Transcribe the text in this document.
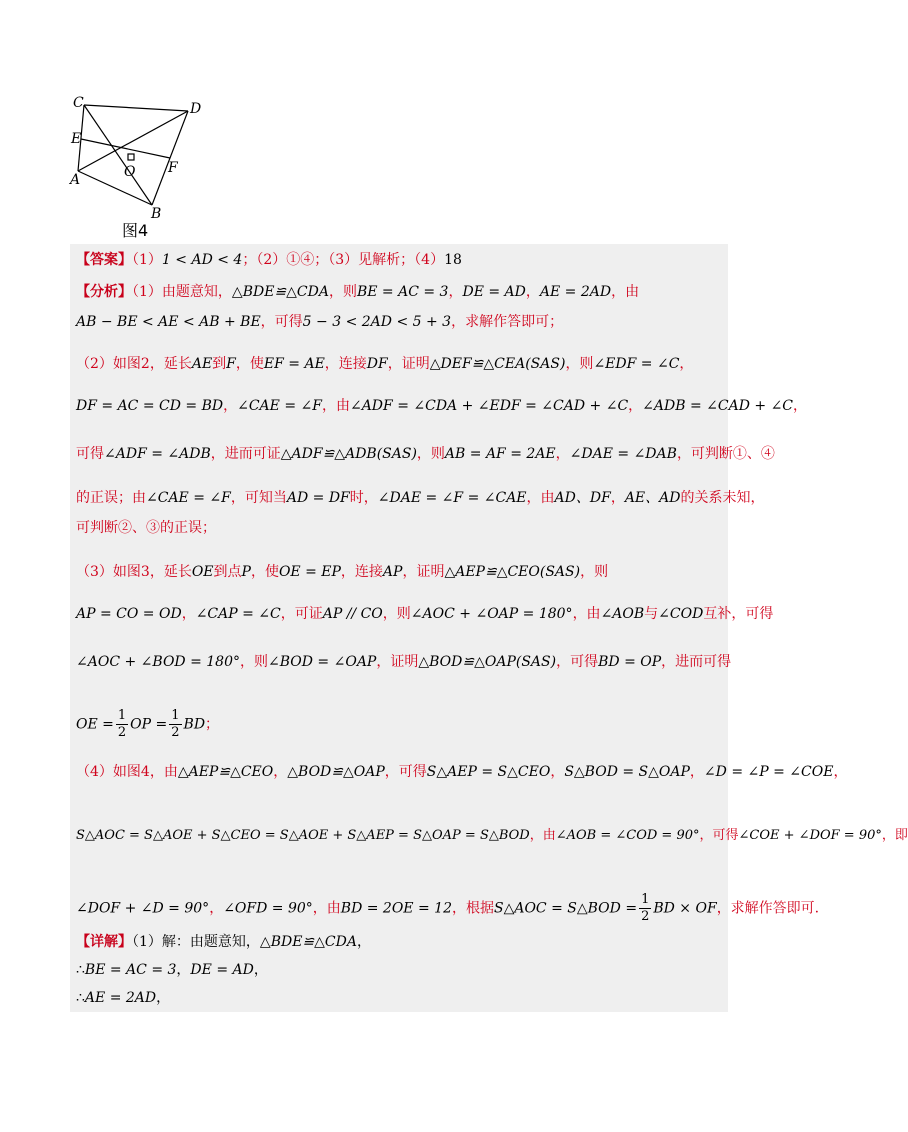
C	D
E
O F
A
B
图4
【答案】（1）1 < AD < 4；（2）①④；（3）见解析；（4）18
【分析】（1）由题意知，△BDE≌△CDA，则BE = AC = 3，DE = AD，AE = 2AD，由
AB − BE < AE < AB + BE，可得5 − 3 < 2AD < 5 + 3，求解作答即可；
（2）如图2，延长AE到F，使EF = AE，连接DF，证明△DEF≌△CEA(SAS)，则∠EDF = ∠C，
DF = AC = CD = BD，∠CAE = ∠F，由∠ADF = ∠CDA + ∠EDF = ∠CAD + ∠C，∠ADB = ∠CAD + ∠C，
可得∠ADF = ∠ADB，进而可证△ADF≌△ADB(SAS)，则AB = AF = 2AE，∠DAE = ∠DAB，可判断①、④
的正误；由∠CAE = ∠F，可知当AD = DF时，∠DAE = ∠F = ∠CAE，由AD、DF，AE、AD的关系未知，
可判断②、③的正误；
（3）如图3，延长OE到点P，使OE = EP，连接AP，证明△AEP≌△CEO(SAS)，则
AP = CO = OD，∠CAP = ∠C，可证AP // CO，则∠AOC + ∠OAP = 180°，由∠AOB与∠COD互补，可得
∠AOC + ∠BOD = 180°，则∠BOD = ∠OAP，证明△BOD≌△OAP(SAS)，可得BD = OP，进而可得
OE = $\frac{1}{2}$ OP = $\frac{1}{2}$ BD；
（4）如图4，由△AEP≌△CEO，△BOD≌△OAP，可得S△AEP = S△CEO，S△BOD = S△OAP，∠D = ∠P = ∠COE，
S△AOC = S△AOE + S△CEO = S△AOE + S△AEP = S△OAP = S△BOD，由∠AOB = ∠COD = 90°，可得∠COE + ∠DOF = 90°，即
∠DOF + ∠D = 90°，∠OFD = 90°，由BD = 2OE = 12，根据S△AOC = S△BOD = $\frac{1}{2}$ BD × OF，求解作答即可.
【详解】（1）解：由题意知，△BDE≌△CDA，
∴BE = AC = 3，DE = AD，
∴AE = 2AD，
